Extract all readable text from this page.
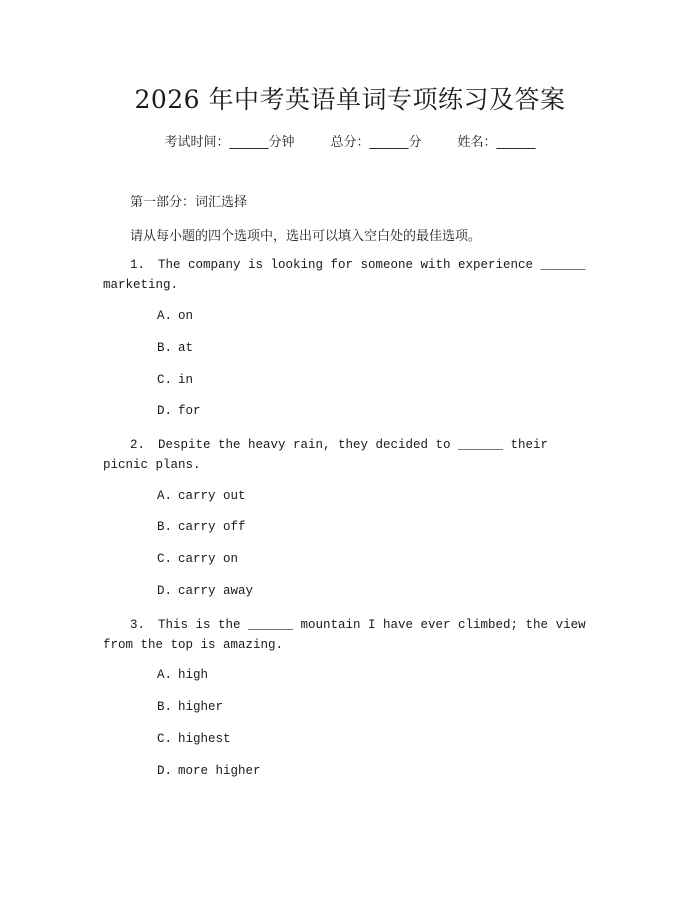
2026 年中考英语单词专项练习及答案
考试时间：______分钟	总分：______分	姓名：______
第一部分：词汇选择
请从每小题的四个选项中，选出可以填入空白处的最佳选项。
1. The company is looking for someone with experience ______ marketing.
A. on
B. at
C. in
D. for
2. Despite the heavy rain, they decided to ______ their picnic plans.
A. carry out
B. carry off
C. carry on
D. carry away
3. This is the ______ mountain I have ever climbed; the view from the top is amazing.
A. high
B. higher
C. highest
D. more higher
